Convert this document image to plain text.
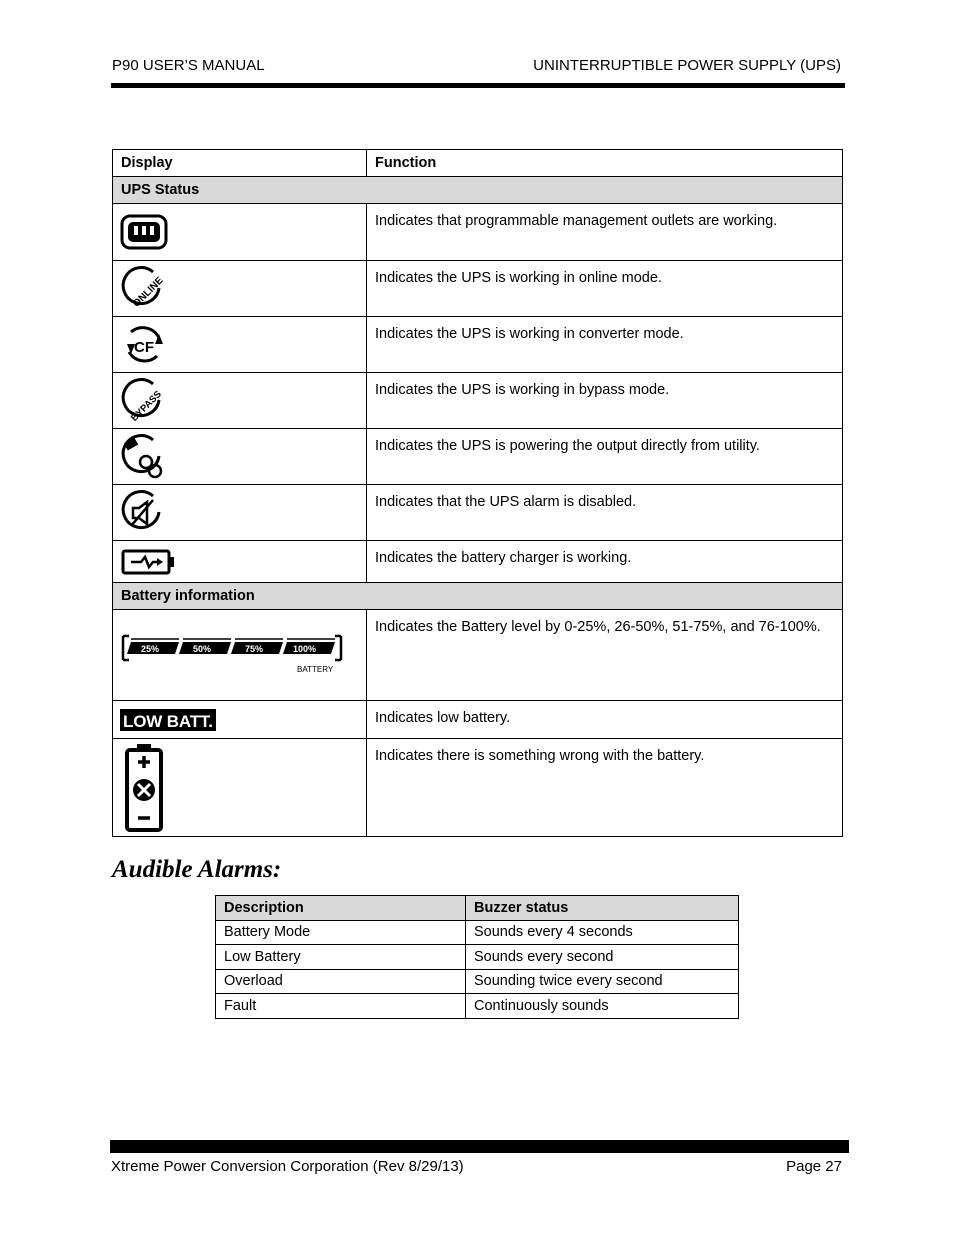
P90 USER’S MANUAL	UNINTERRUPTIBLE POWER SUPPLY (UPS)
Display	Function
UPS Status	

	Indicates that programmable management outlets are working.

ONLINE	Indicates the UPS is working in online mode.

CF	Indicates the UPS is working in converter mode.

BYPASS	Indicates the UPS is working in bypass mode.

	Indicates the UPS is powering the output directly from utility.

	Indicates that the UPS alarm is disabled.

	Indicates the battery charger is working.
Battery information	

25% 50% 75% 100%
BATTERY	Indicates the Battery level by 0-25%, 26-50%, 51-75%, and 76-100%.

LOW BATT.	Indicates low battery.

	Indicates there is something wrong with the battery.
Audible Alarms:
Description	Buzzer status
Battery Mode	Sounds every 4 seconds
Low Battery	Sounds every second
Overload	Sounding twice every second
Fault	Continuously sounds
Xtreme Power Conversion Corporation (Rev 8/29/13)	Page 27
